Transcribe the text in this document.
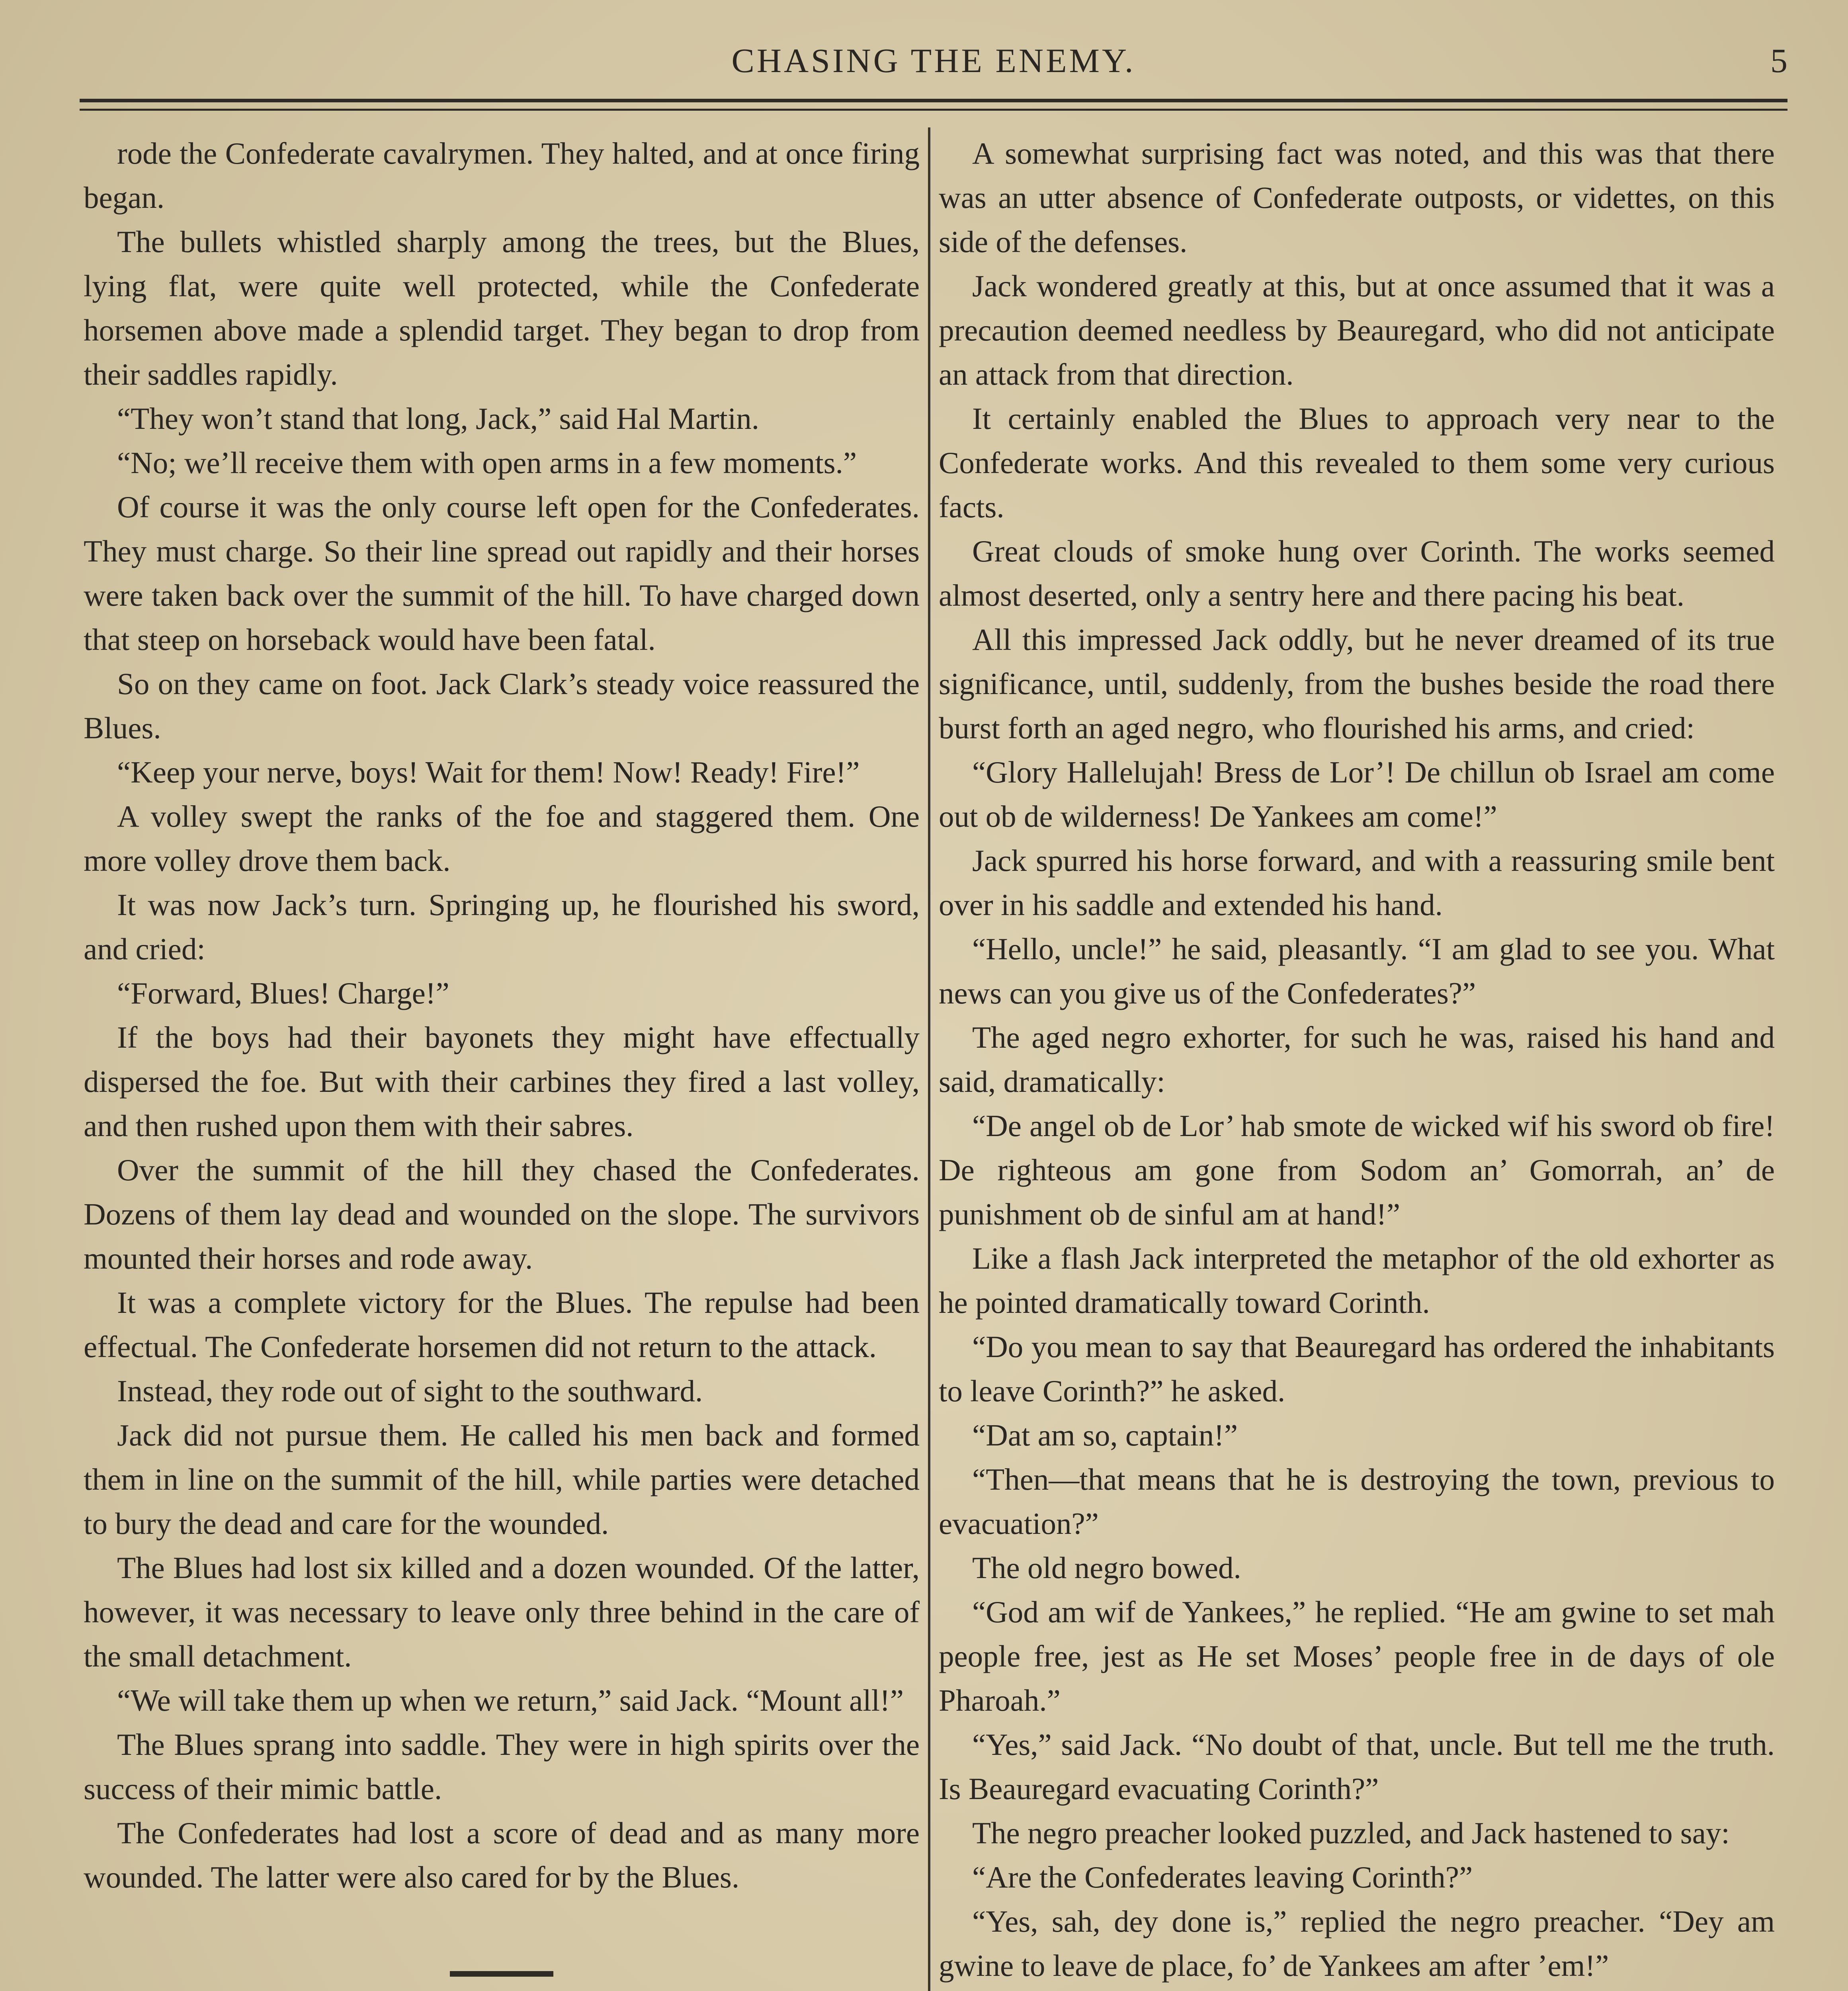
CHASING THE ENEMY.	5

rode the Confederate cavalrymen. They halted, and at once firing began.

The bullets whistled sharply among the trees, but the Blues, lying flat, were quite well protected, while the Confederate horsemen above made a splendid target. They began to drop from their saddles rapidly.

“They won’t stand that long, Jack,” said Hal Martin.

“No; we’ll receive them with open arms in a few moments.”

Of course it was the only course left open for the Confederates. They must charge. So their line spread out rapidly and their horses were taken back over the summit of the hill. To have charged down that steep on horseback would have been fatal.

So on they came on foot. Jack Clark’s steady voice reassured the Blues.

“Keep your nerve, boys! Wait for them! Now! Ready! Fire!”

A volley swept the ranks of the foe and staggered them. One more volley drove them back.

It was now Jack’s turn. Springing up, he flourished his sword, and cried:

“Forward, Blues! Charge!”

If the boys had their bayonets they might have effectually dispersed the foe. But with their carbines they fired a last volley, and then rushed upon them with their sabres.

Over the summit of the hill they chased the Confederates. Dozens of them lay dead and wounded on the slope. The survivors mounted their horses and rode away.

It was a complete victory for the Blues. The repulse had been effectual. The Confederate horsemen did not return to the attack.

Instead, they rode out of sight to the southward.

Jack did not pursue them. He called his men back and formed them in line on the summit of the hill, while parties were detached to bury the dead and care for the wounded.

The Blues had lost six killed and a dozen wounded. Of the latter, however, it was necessary to leave only three behind in the care of the small detachment.

“We will take them up when we return,” said Jack. “Mount all!”

The Blues sprang into saddle. They were in high spirits over the success of their mimic battle.

The Confederates had lost a score of dead and as many more wounded. The latter were also cared for by the Blues.

A somewhat surprising fact was noted, and this was that there was an utter absence of Confederate outposts, or videttes, on this side of the defenses.

Jack wondered greatly at this, but at once assumed that it was a precaution deemed needless by Beauregard, who did not anticipate an attack from that direction.

It certainly enabled the Blues to approach very near to the Confederate works. And this revealed to them some very curious facts.

Great clouds of smoke hung over Corinth. The works seemed almost deserted, only a sentry here and there pacing his beat.

All this impressed Jack oddly, but he never dreamed of its true significance, until, suddenly, from the bushes beside the road there burst forth an aged negro, who flourished his arms, and cried:

“Glory Hallelujah! Bress de Lor’! De chillun ob Israel am come out ob de wilderness! De Yankees am come!”

Jack spurred his horse forward, and with a reassuring smile bent over in his saddle and extended his hand.

“Hello, uncle!” he said, pleasantly. “I am glad to see you. What news can you give us of the Confederates?”

The aged negro exhorter, for such he was, raised his hand and said, dramatically:

“De angel ob de Lor’ hab smote de wicked wif his sword ob fire! De righteous am gone from Sodom an’ Gomorrah, an’ de punishment ob de sinful am at hand!”

Like a flash Jack interpreted the metaphor of the old exhorter as he pointed dramatically toward Corinth.

“Do you mean to say that Beauregard has ordered the inhabitants to leave Corinth?” he asked.

“Dat am so, captain!”

“Then—that means that he is destroying the town, previous to evacuation?”

The old negro bowed.

“God am wif de Yankees,” he replied. “He am gwine to set mah people free, jest as He set Moses’ people free in de days of ole Pharoah.”

“Yes,” said Jack. “No doubt of that, uncle. But tell me the truth. Is Beauregard evacuating Corinth?”

The negro preacher looked puzzled, and Jack hastened to say:

“Are the Confederates leaving Corinth?”

“Yes, sah, dey done is,” replied the negro preacher. “Dey am gwine to leave de place, fo’ de Yankees am after ’em!”
